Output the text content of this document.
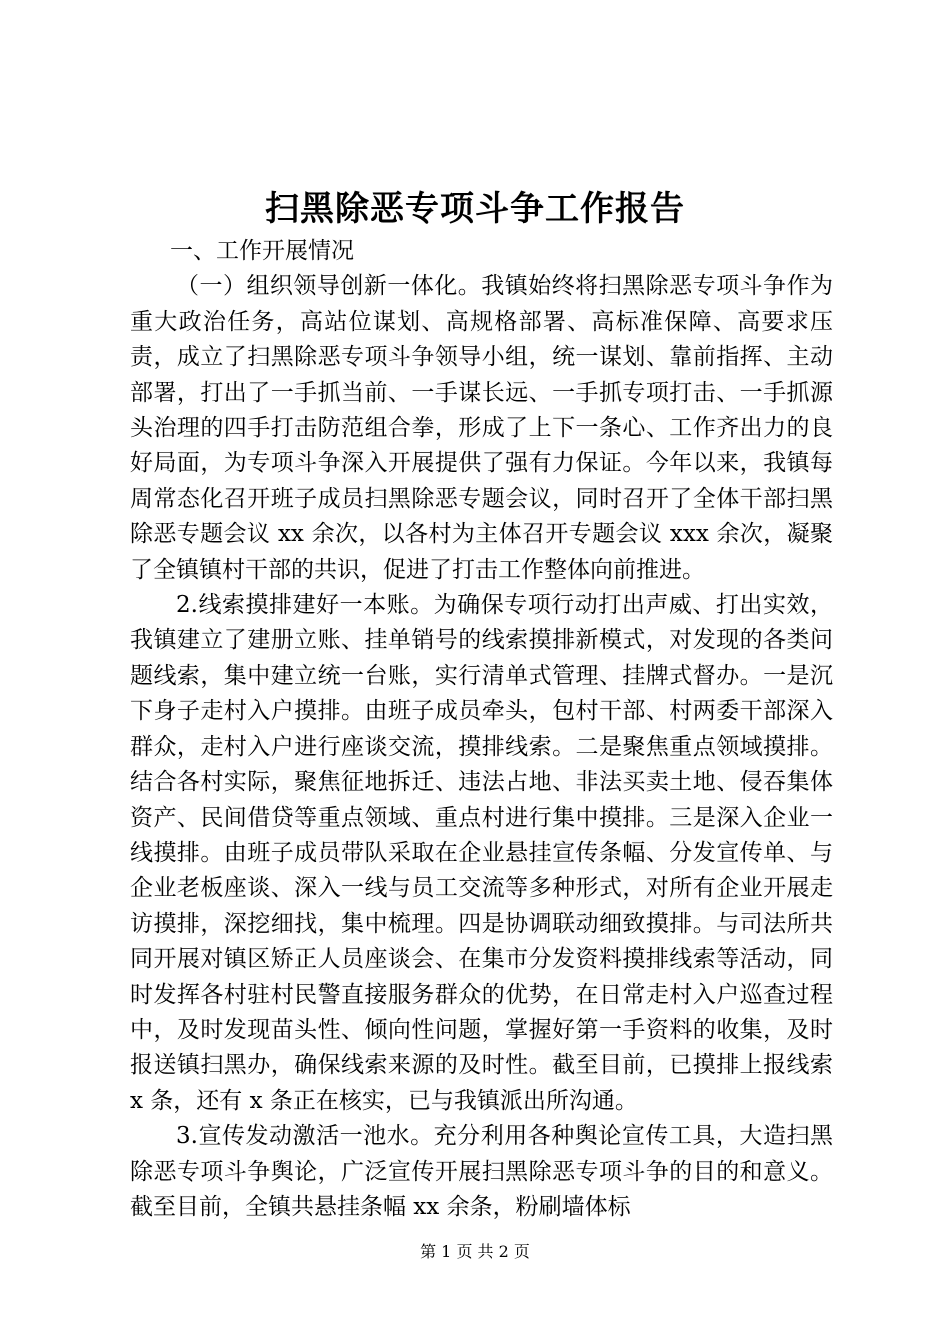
扫黑除恶专项斗争工作报告

一、工作开展情况

（一）组织领导创新一体化。我镇始终将扫黑除恶专项斗争作为重大政治任务，高站位谋划、高规格部署、高标准保障、高要求压责，成立了扫黑除恶专项斗争领导小组，统一谋划、靠前指挥、主动部署，打出了一手抓当前、一手谋长远、一手抓专项打击、一手抓源头治理的四手打击防范组合拳，形成了上下一条心、工作齐出力的良好局面，为专项斗争深入开展提供了强有力保证。今年以来，我镇每周常态化召开班子成员扫黑除恶专题会议，同时召开了全体干部扫黑除恶专题会议 xx 余次，以各村为主体召开专题会议 xxx 余次，凝聚了全镇镇村干部的共识，促进了打击工作整体向前推进。

2.线索摸排建好一本账。为确保专项行动打出声威、打出实效，我镇建立了建册立账、挂单销号的线索摸排新模式，对发现的各类问题线索，集中建立统一台账，实行清单式管理、挂牌式督办。一是沉下身子走村入户摸排。由班子成员牵头，包村干部、村两委干部深入群众，走村入户进行座谈交流，摸排线索。二是聚焦重点领域摸排。结合各村实际，聚焦征地拆迁、违法占地、非法买卖土地、侵吞集体资产、民间借贷等重点领域、重点村进行集中摸排。三是深入企业一线摸排。由班子成员带队采取在企业悬挂宣传条幅、分发宣传单、与企业老板座谈、深入一线与员工交流等多种形式，对所有企业开展走访摸排，深挖细找，集中梳理。四是协调联动细致摸排。与司法所共同开展对镇区矫正人员座谈会、在集市分发资料摸排线索等活动，同时发挥各村驻村民警直接服务群众的优势，在日常走村入户巡查过程中，及时发现苗头性、倾向性问题，掌握好第一手资料的收集，及时报送镇扫黑办，确保线索来源的及时性。截至目前，已摸排上报线索 x 条，还有 x 条正在核实，已与我镇派出所沟通。

3.宣传发动激活一池水。充分利用各种舆论宣传工具，大造扫黑除恶专项斗争舆论，广泛宣传开展扫黑除恶专项斗争的目的和意义。截至目前，全镇共悬挂条幅 xx 余条，粉刷墙体标

第 1 页 共 2 页
